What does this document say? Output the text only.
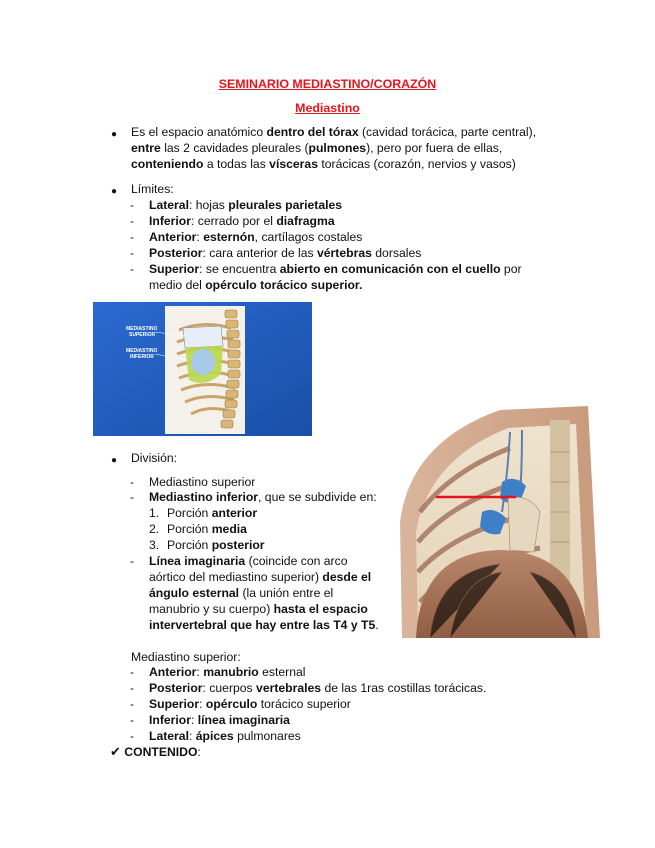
SEMINARIO MEDIASTINO/CORAZÓN
Mediastino
● Es el espacio anatómico dentro del tórax (cavidad torácica, parte central),
entre las 2 cavidades pleurales (pulmones), pero por fuera de ellas,
conteniendo a todas las vísceras torácicas (corazón, nervios y vasos)
● Límites:
- Lateral: hojas pleurales parietales
- Inferior: cerrado por el diafragma
- Anterior: esternón, cartílagos costales
- Posterior: cara anterior de las vértebras dorsales
- Superior: se encuentra abierto en comunicación con el cuello por
medio del opérculo torácico superior.
MEDIASTINO
SUPERIOR
MEDIASTINO
INFERIOR
● División:
- Mediastino superior
- Mediastino inferior, que se subdivide en:
1. Porción anterior
2. Porción media
3. Porción posterior
- Línea imaginaria (coincide con arco
aórtico del mediastino superior) desde el
ángulo esternal (la unión entre el
manubrio y su cuerpo) hasta el espacio
intervertebral que hay entre las T4 y T5.
Mediastino superior:
- Anterior: manubrio esternal
- Posterior: cuerpos vertebrales de las 1ras costillas torácicas.
- Superior: opérculo torácico superior
- Inferior: línea imaginaria
- Lateral: ápices pulmonares
✔ CONTENIDO:
